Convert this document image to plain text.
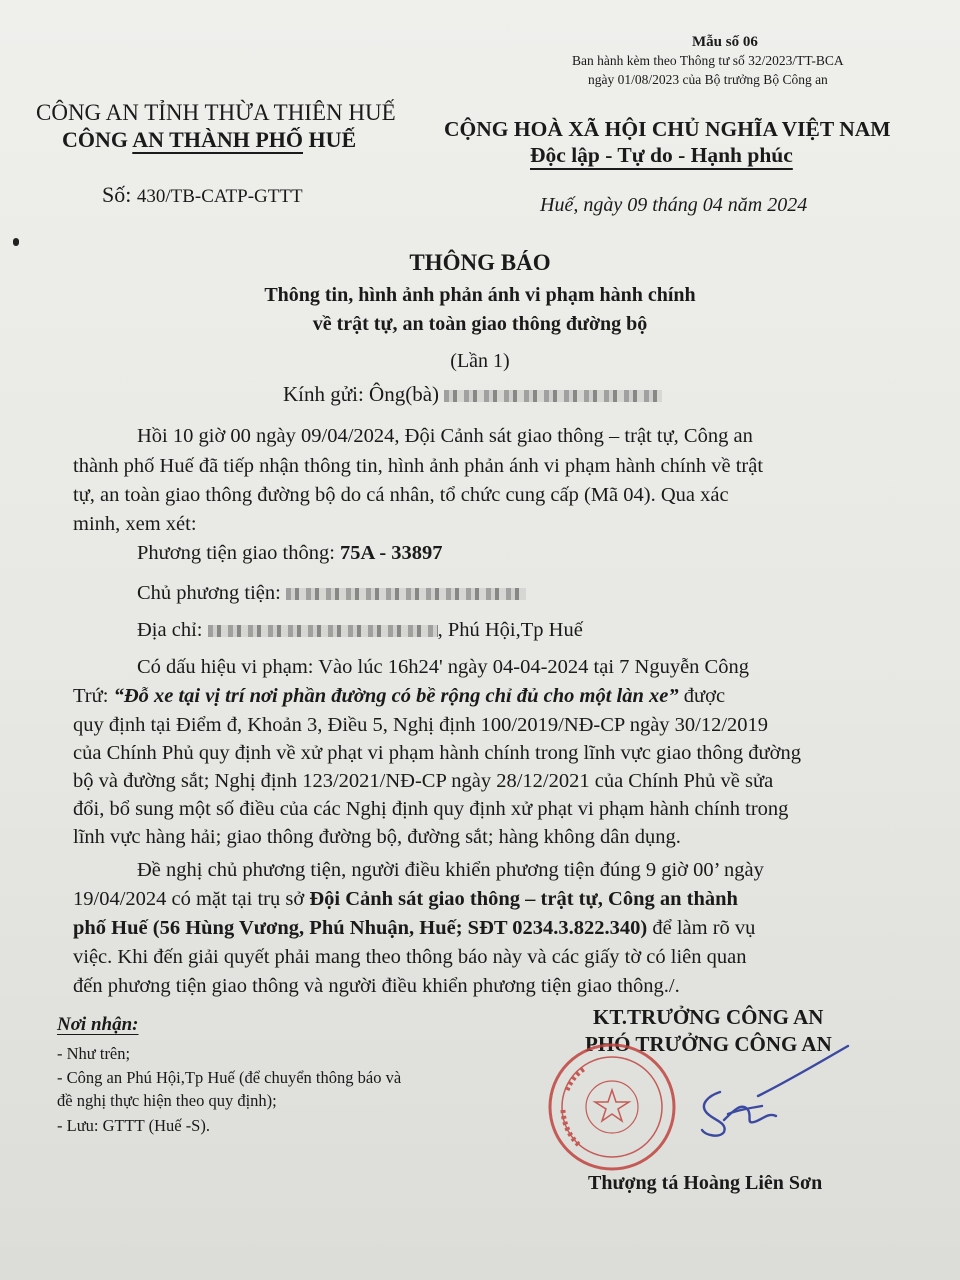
Mẫu số 06
Ban hành kèm theo Thông tư số 32/2023/TT-BCA
ngày 01/08/2023 của Bộ trưởng Bộ Công an
CÔNG AN TỈNH THỪA THIÊN HUẾ
CÔNG AN THÀNH PHỐ HUẾ
Số: 430/TB-CATP-GTTT
CỘNG HOÀ XÃ HỘI CHỦ NGHĨA VIỆT NAM
Độc lập - Tự do - Hạnh phúc
Huế, ngày 09 tháng 04 năm 2024
THÔNG BÁO
Thông tin, hình ảnh phản ánh vi phạm hành chính
về trật tự, an toàn giao thông đường bộ
(Lần 1)
Kính gửi: Ông(bà)
Hồi 10 giờ 00 ngày 09/04/2024, Đội Cảnh sát giao thông – trật tự, Công an
thành phố Huế đã tiếp nhận thông tin, hình ảnh phản ánh vi phạm hành chính về trật
tự, an toàn giao thông đường bộ do cá nhân, tổ chức cung cấp (Mã 04). Qua xác
minh, xem xét:
Phương tiện giao thông: 75A - 33897
Chủ phương tiện:
Địa chỉ:	, Phú Hội,Tp Huế
Có dấu hiệu vi phạm: Vào lúc 16h24' ngày 04-04-2024 tại 7 Nguyễn Công
Trứ: “Đỗ xe tại vị trí nơi phần đường có bề rộng chỉ đủ cho một làn xe” được
quy định tại Điểm đ, Khoản 3, Điều 5, Nghị định 100/2019/NĐ-CP ngày 30/12/2019
của Chính Phủ quy định về xử phạt vi phạm hành chính trong lĩnh vực giao thông đường
bộ và đường sắt; Nghị định 123/2021/NĐ-CP ngày 28/12/2021 của Chính Phủ về sửa
đổi, bổ sung một số điều của các Nghị định quy định xử phạt vi phạm hành chính trong
lĩnh vực hàng hải; giao thông đường bộ, đường sắt; hàng không dân dụng.
Đề nghị chủ phương tiện, người điều khiển phương tiện đúng 9 giờ 00’ ngày
19/04/2024 có mặt tại trụ sở Đội Cảnh sát giao thông – trật tự, Công an thành
phố Huế (56 Hùng Vương, Phú Nhuận, Huế; SĐT 0234.3.822.340) để làm rõ vụ
việc. Khi đến giải quyết phải mang theo thông báo này và các giấy tờ có liên quan
đến phương tiện giao thông và người điều khiển phương tiện giao thông./.
Nơi nhận:
- Như trên;
- Công an Phú Hội,Tp Huế (để chuyển thông báo và
đề nghị thực hiện theo quy định);
- Lưu: GTTT (Huế -S).
KT.TRƯỞNG CÔNG AN
PHÓ TRƯỞNG CÔNG AN
Thượng tá Hoàng Liên Sơn
